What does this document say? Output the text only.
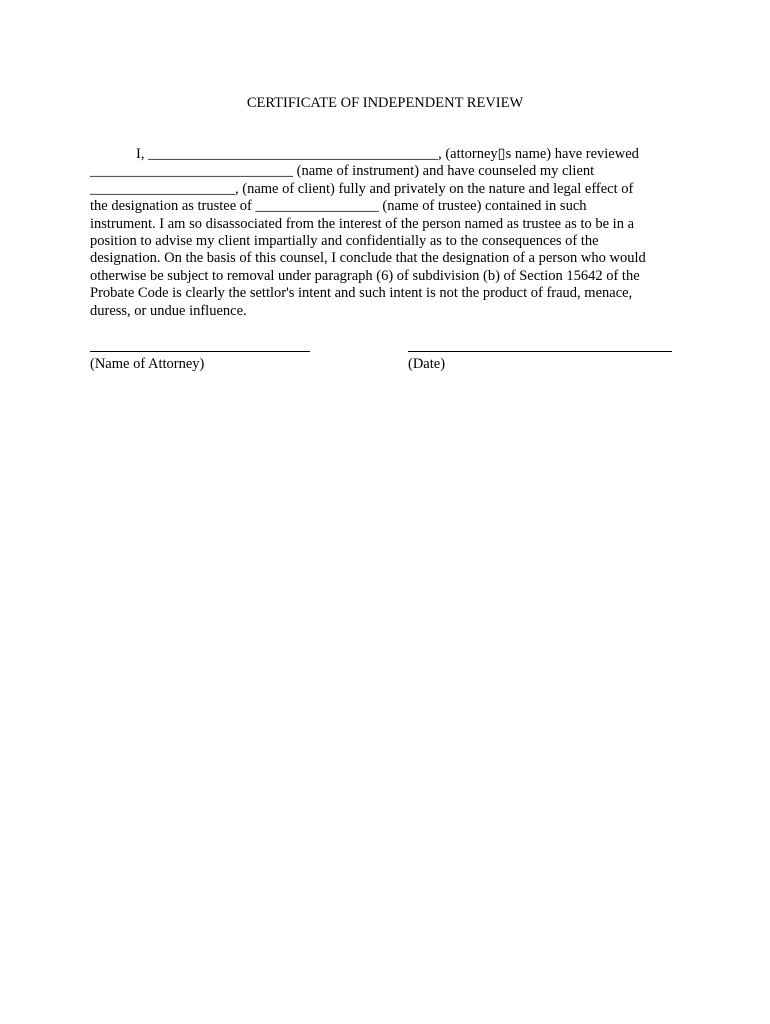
CERTIFICATE OF INDEPENDENT REVIEW
I, ________________________________________, (attorney▯s name) have reviewed
____________________________ (name of instrument) and have counseled my client
____________________, (name of client) fully and privately on the nature and legal effect of
the designation as trustee of _________________ (name of trustee) contained in such
instrument. I am so disassociated from the interest of the person named as trustee as to be in a
position to advise my client impartially and confidentially as to the consequences of the
designation. On the basis of this counsel, I conclude that the designation of a person who would
otherwise be subject to removal under paragraph (6) of subdivision (b) of Section 15642 of the
Probate Code is clearly the settlor's intent and such intent is not the product of fraud, menace,
duress, or undue influence.
(Name of Attorney)	(Date)
